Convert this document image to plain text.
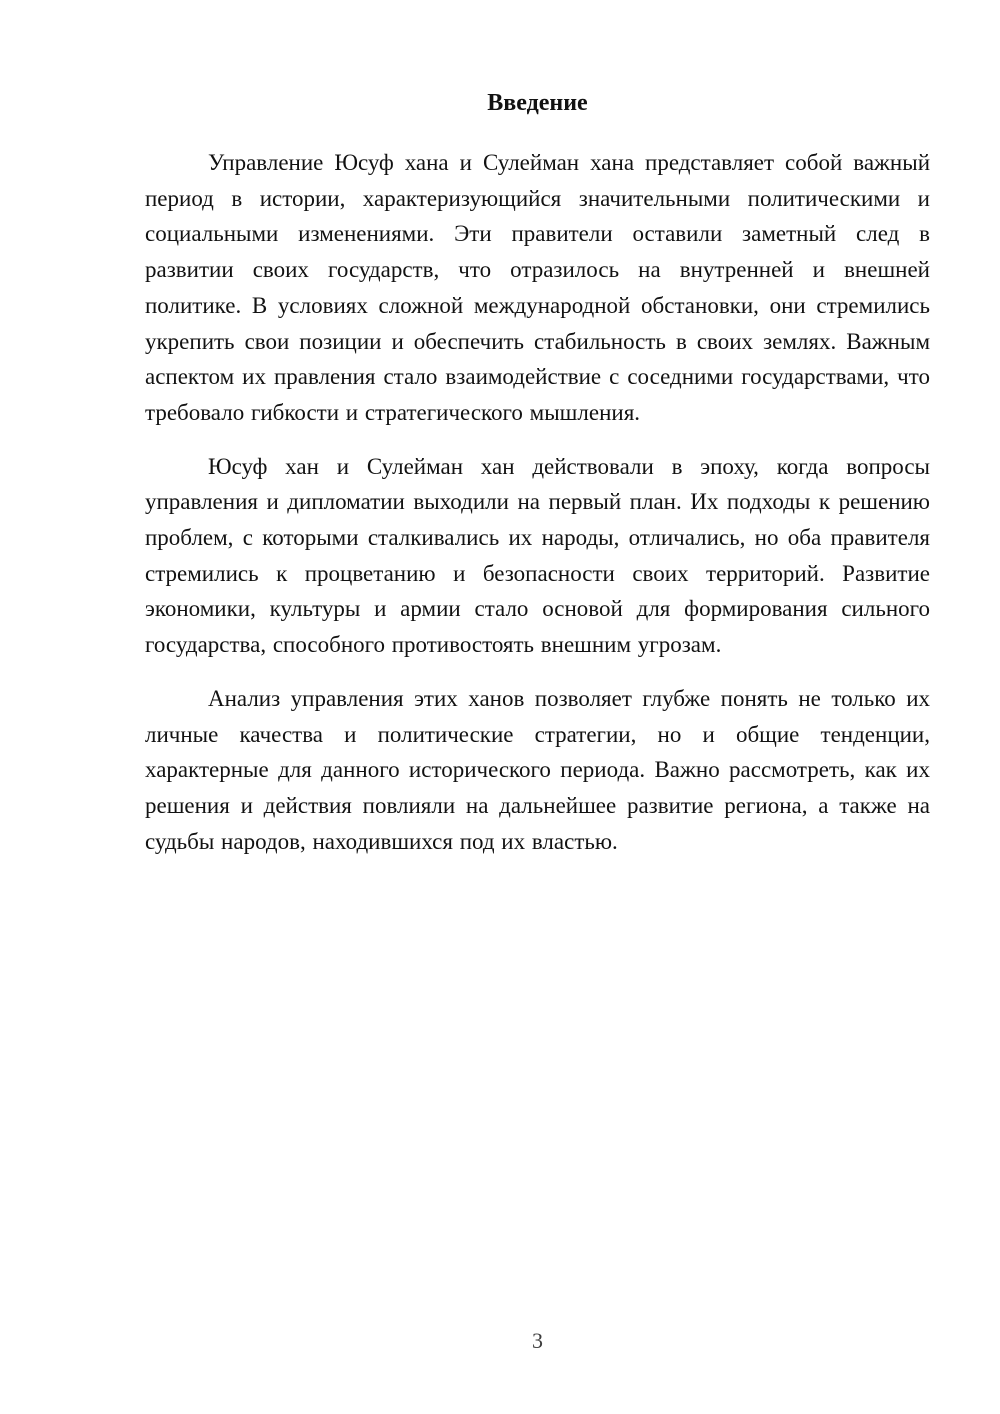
Введение

Управление Юсуф хана и Сулейман хана представляет собой важный период в истории, характеризующийся значительными политическими и социальными изменениями. Эти правители оставили заметный след в развитии своих государств, что отразилось на внутренней и внешней политике. В условиях сложной международной обстановки, они стремились укрепить свои позиции и обеспечить стабильность в своих землях. Важным аспектом их правления стало взаимодействие с соседними государствами, что требовало гибкости и стратегического мышления.

Юсуф хан и Сулейман хан действовали в эпоху, когда вопросы управления и дипломатии выходили на первый план. Их подходы к решению проблем, с которыми сталкивались их народы, отличались, но оба правителя стремились к процветанию и безопасности своих территорий. Развитие экономики, культуры и армии стало основой для формирования сильного государства, способного противостоять внешним угрозам.

Анализ управления этих ханов позволяет глубже понять не только их личные качества и политические стратегии, но и общие тенденции, характерные для данного исторического периода. Важно рассмотреть, как их решения и действия повлияли на дальнейшее развитие региона, а также на судьбы народов, находившихся под их властью.

3
